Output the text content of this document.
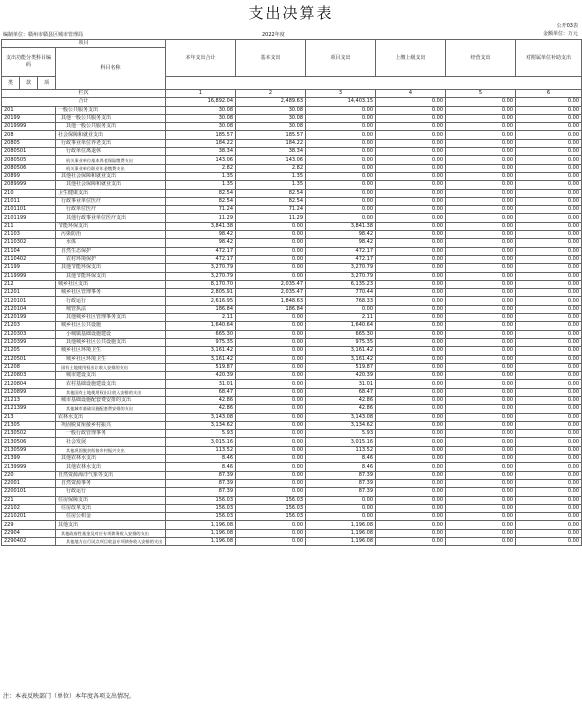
支出决算表
公开03表
编制单位：赣州市赣县区城市管理局	2022年度	金额单位：万元
项目				本年支出合计	基本支出	项目支出	上缴上级支出	经营支出	对附属单位补助支出
支出功能分类科目编码			科目名称						
类	款	项							
栏次				1	2	3	4	5	6
合计				16,892.04	2,489.63	14,403.15	0.00	0.00	0.00
201			一般公共服务支出	30.08	30.08	0.00	0.00	0.00	0.00
20199			其他一般公共服务支出	30.08	30.08	0.00	0.00	0.00	0.00
2019999			其他一般公共服务支出	30.08	30.08	0.00	0.00	0.00	0.00
208			社会保障和就业支出	185.57	185.57	0.00	0.00	0.00	0.00
20805			行政事业单位养老支出	184.22	184.22	0.00	0.00	0.00	0.00
2080501			行政单位离退休	38.34	38.34	0.00	0.00	0.00	0.00
2080505			机关事业单位基本养老保险缴费支出	143.06	143.06	0.00	0.00	0.00	0.00
2080506			机关事业单位职业年金缴费支出	2.82	2.82	0.00	0.00	0.00	0.00
20899			其他社会保障和就业支出	1.35	1.35	0.00	0.00	0.00	0.00
2089999			其他社会保障和就业支出	1.35	1.35	0.00	0.00	0.00	0.00
210			卫生健康支出	82.54	82.54	0.00	0.00	0.00	0.00
21011			行政事业单位医疗	82.54	82.54	0.00	0.00	0.00	0.00
2101101			行政单位医疗	71.24	71.24	0.00	0.00	0.00	0.00
2101199			其他行政事业单位医疗支出	11.29	11.29	0.00	0.00	0.00	0.00
211			节能环保支出	3,841.38	0.00	3,841.38	0.00	0.00	0.00
21103			污染防治	98.42	0.00	98.42	0.00	0.00	0.00
2110302			水体	98.42	0.00	98.42	0.00	0.00	0.00
21104			自然生态保护	472.17	0.00	472.17	0.00	0.00	0.00
2110402			农村环境保护	472.17	0.00	472.17	0.00	0.00	0.00
21199			其他节能环保支出	3,270.79	0.00	3,270.79	0.00	0.00	0.00
2119999			其他节能环保支出	3,270.79	0.00	3,270.79	0.00	0.00	0.00
212			城乡社区支出	8,170.70	2,035.47	6,135.23	0.00	0.00	0.00
21201			城乡社区管理事务	2,805.91	2,035.47	770.44	0.00	0.00	0.00
2120101			行政运行	2,616.95	1,848.63	768.33	0.00	0.00	0.00
2120104			城管执法	186.84	186.84	0.00	0.00	0.00	0.00
2120199			其他城乡社区管理事务支出	2.11	0.00	2.11	0.00	0.00	0.00
21203			城乡社区公共设施	1,640.64	0.00	1,640.64	0.00	0.00	0.00
2120303			小城镇基础设施建设	665.30	0.00	665.30	0.00	0.00	0.00
2120399			其他城乡社区公共设施支出	975.35	0.00	975.35	0.00	0.00	0.00
21205			城乡社区环境卫生	3,161.42	0.00	3,161.42	0.00	0.00	0.00
2120501			城乡社区环境卫生	3,161.42	0.00	3,161.42	0.00	0.00	0.00
21208			国有土地使用权出让收入安排的支出	519.87	0.00	519.87	0.00	0.00	0.00
2120803			城市建设支出	420.39	0.00	420.39	0.00	0.00	0.00
2120804			农村基础设施建设支出	31.01	0.00	31.01	0.00	0.00	0.00
2120899			其他国有土地使用权出让收入安排的支出	68.47	0.00	68.47	0.00	0.00	0.00
21213			城市基础设施配套费安排的支出	42.86	0.00	42.86	0.00	0.00	0.00
2121399			其他城市基础设施配套费安排的支出	42.86	0.00	42.86	0.00	0.00	0.00
213			农林水支出	3,143.08	0.00	3,143.08	0.00	0.00	0.00
21305			巩固脱贫衔接乡村振兴	3,134.62	0.00	3,134.62	0.00	0.00	0.00
2130502			一般行政管理事务	5.93	0.00	5.93	0.00	0.00	0.00
2130506			社会发展	3,015.16	0.00	3,015.16	0.00	0.00	0.00
2130599			其他巩固脱贫衔接乡村振兴支出	113.52	0.00	113.52	0.00	0.00	0.00
21399			其他农林水支出	8.46	0.00	8.46	0.00	0.00	0.00
2139999			其他农林水支出	8.46	0.00	8.46	0.00	0.00	0.00
220			自然资源海洋气象等支出	87.39	0.00	87.39	0.00	0.00	0.00
22001			自然资源事务	87.39	0.00	87.39	0.00	0.00	0.00
2200101			行政运行	87.39	0.00	87.39	0.00	0.00	0.00
221			住房保障支出	156.03	156.03	0.00	0.00	0.00	0.00
22102			住房改革支出	156.03	156.03	0.00	0.00	0.00	0.00
2210201			住房公积金	156.03	156.03	0.00	0.00	0.00	0.00
229			其他支出	1,196.08	0.00	1,196.08	0.00	0.00	0.00
22904			其他政府性基金及对应专项债务收入安排的支出	1,196.08	0.00	1,196.08	0.00	0.00	0.00
2290402			其他地方自行试点项目收益专项债券收入安排的支出	1,196.08	0.00	1,196.08	0.00	0.00	0.00
注：本表反映部门（单位）本年度各项支出情况。
